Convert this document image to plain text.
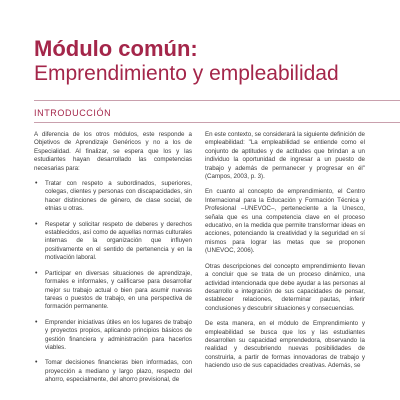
Módulo común:
Emprendimiento y empleabilidad
INTRODUCCIÓN

A diferencia de los otros módulos, este responde a Objetivos de Aprendizaje Genéricos y no a los de Especialidad. Al finalizar, se espera que los y las estudiantes hayan desarrollado las competencias necesarias para:

• Tratar con respeto a subordinados, superiores, colegas, clientes y personas con discapacidades, sin hacer distinciones de género, de clase social, de etnias u otras.
• Respetar y solicitar respeto de deberes y derechos establecidos, así como de aquellas normas culturales internas de la organización que influyen positivamente en el sentido de pertenencia y en la motivación laboral.
• Participar en diversas situaciones de aprendizaje, formales e informales, y calificarse para desarrollar mejor su trabajo actual o bien para asumir nuevas tareas o puestos de trabajo, en una perspectiva de formación permanente.
• Emprender iniciativas útiles en los lugares de trabajo y proyectos propios, aplicando principios básicos de gestión financiera y administración para hacerlos viables.
• Tomar decisiones financieras bien informadas, con proyección a mediano y largo plazo, respecto del ahorro, especialmente, del ahorro previsional, de

En este contexto, se considerará la siguiente definición de empleabilidad: "La empleabilidad se entiende como el conjunto de aptitudes y de actitudes que brindan a un individuo la oportunidad de ingresar a un puesto de trabajo y además de permanecer y progresar en él" (Campos, 2003, p. 3).

En cuanto al concepto de emprendimiento, el Centro Internacional para la Educación y Formación Técnica y Profesional –UNEVOC–, perteneciente a la Unesco, señala que es una competencia clave en el proceso educativo, en la medida que permite transformar ideas en acciones, potenciando la creatividad y la seguridad en sí mismos para lograr las metas que se proponen (UNEVOC, 2006).

Otras descripciones del concepto emprendimiento llevan a concluir que se trata de un proceso dinámico, una actividad intencionada que debe ayudar a las personas al desarrollo e integración de sus capacidades de pensar, establecer relaciones, determinar pautas, inferir conclusiones y descubrir situaciones y consecuencias.

De esta manera, en el módulo de Emprendimiento y empleabilidad se busca que los y las estudiantes desarrollen su capacidad emprendedora, observando la realidad y descubriendo nuevas posibilidades de construirla, a partir de formas innovadoras de trabajo y haciendo uso de sus capacidades creativas. Además, se
